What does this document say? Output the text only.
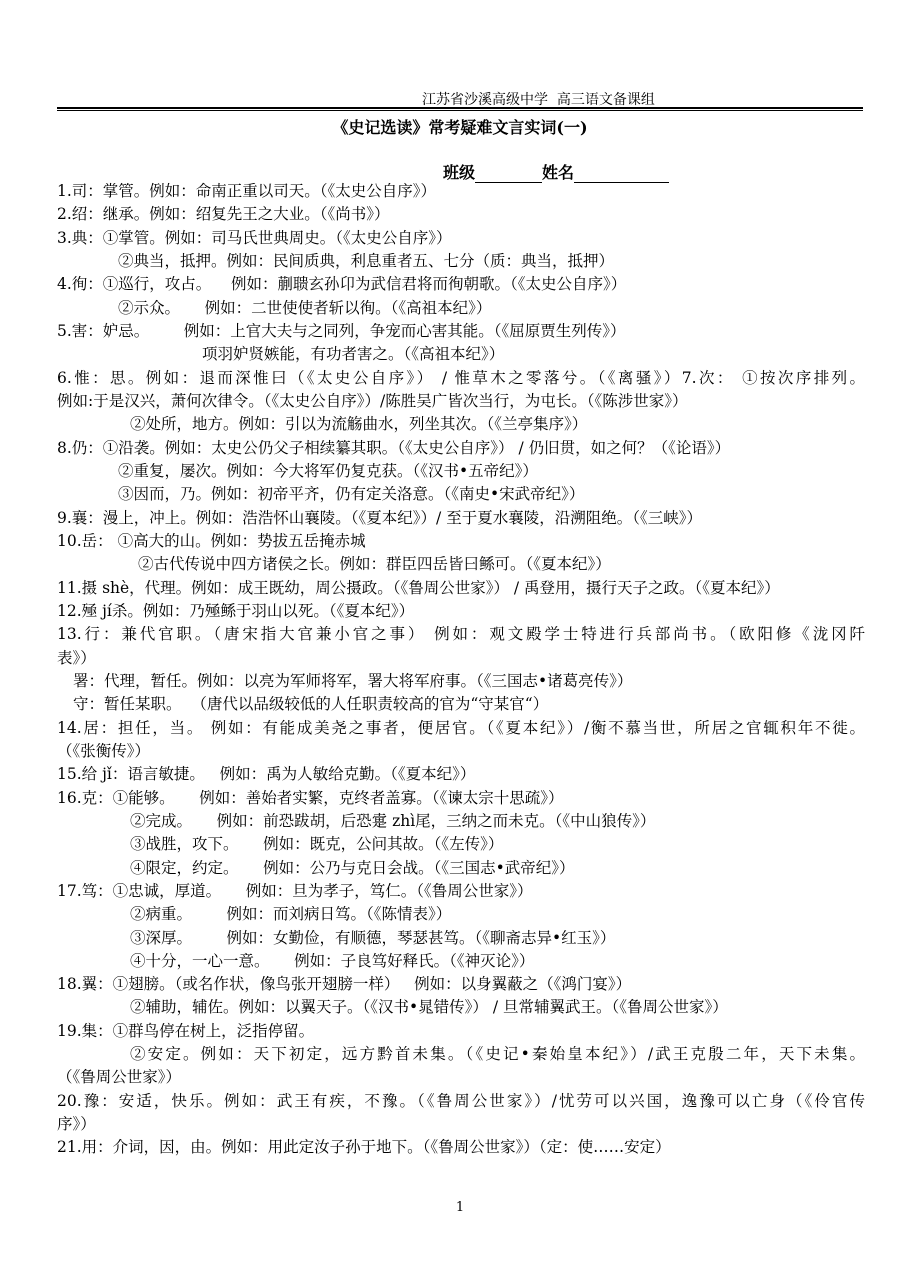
江苏省沙溪高级中学  高三语文备课组
《史记选读》常考疑难文言实词(一)
班级	姓名
1.司：掌管。例如：命南正重以司天。（《太史公自序》）
2.绍：继承。例如：绍复先王之大业。（《尚书》）
3.典：①掌管。例如：司马氏世典周史。（《太史公自序》）
②典当，抵押。例如：民间质典，利息重者五、七分（质：典当，抵押）
4.徇：①巡行，攻占。    例如：蒯聩玄孙卬为武信君将而徇朝歌。（《太史公自序》）
②示众。     例如：二世使使者斩以徇。（《高祖本纪》）
5.害：妒忌。       例如：上官大夫与之同列，争宠而心害其能。（《屈原贾生列传》）
项羽妒贤嫉能，有功者害之。（《高祖本纪》）
6.惟：思。例如：退而深惟曰（《太史公自序》） / 惟草木之零落兮。（《离骚》）7.次： ①按次序排列。
例如:于是汉兴，萧何次律令。（《太史公自序》）/陈胜吴广皆次当行，为屯长。（《陈涉世家》）
②处所，地方。例如：引以为流觞曲水，列坐其次。（《兰亭集序》）
8.仍：①沿袭。例如：太史公仍父子相续纂其职。（《太史公自序》） / 仍旧贯，如之何？（《论语》）
②重复，屡次。例如：今大将军仍复克获。（《汉书•五帝纪》）
③因而，乃。例如：初帝平齐，仍有定关洛意。（《南史•宋武帝纪》）
9.襄：漫上，冲上。例如：浩浩怀山襄陵。（《夏本纪》）/ 至于夏水襄陵，沿溯阻绝。（《三峡》）
10.岳： ①高大的山。例如：势拔五岳掩赤城
②古代传说中四方诸侯之长。例如：群臣四岳皆曰鲧可。（《夏本纪》）
11.摄 shè，代理。例如：成王既幼，周公摄政。（《鲁周公世家》） / 禹登用，摄行天子之政。（《夏本纪》）
12.殛 jí杀。例如：乃殛鲧于羽山以死。（《夏本纪》）
13.行：兼代官职。（唐宋指大官兼小官之事） 例如：观文殿学士特进行兵部尚书。（欧阳修《泷冈阡
表》）
署：代理，暂任。例如：以亮为军师将军，署大将军府事。（《三国志•诸葛亮传》）
守：暂任某职。  （唐代以品级较低的人任职责较高的官为“守某官“）
14.居：担任，当。 例如：有能成美尧之事者，便居官。（《夏本纪》）/衡不慕当世，所居之官辄积年不徙。
（《张衡传》）
15.给 jǐ：语言敏捷。   例如：禹为人敏给克勤。（《夏本纪》）
16.克：①能够。     例如：善始者实繁，克终者盖寡。（《谏太宗十思疏》）
②完成。     例如：前恐跋胡，后恐疐 zhì尾，三纳之而未克。（《中山狼传》）
③战胜，攻下。     例如：既克，公问其故。（《左传》）
④限定，约定。     例如：公乃与克日会战。（《三国志•武帝纪》）
17.笃：①忠诚，厚道。     例如：旦为孝子，笃仁。（《鲁周公世家》）
②病重。       例如：而刘病日笃。（《陈情表》）
③深厚。       例如：女勤俭，有顺德，琴瑟甚笃。（《聊斋志异•红玉》）
④十分，一心一意。     例如：子良笃好释氏。（《神灭论》）
18.翼：①翅膀。（或名作状，像鸟张开翅膀一样）   例如：以身翼蔽之（《鸿门宴》）
②辅助，辅佐。例如：以翼天子。（《汉书•晁错传》） / 旦常辅翼武王。（《鲁周公世家》）
19.集：①群鸟停在树上，泛指停留。
②安定。例如：天下初定，远方黔首未集。（《史记•秦始皇本纪》）/武王克殷二年，天下未集。
（《鲁周公世家》）
20.豫：安适，快乐。例如：武王有疾，不豫。（《鲁周公世家》）/忧劳可以兴国，逸豫可以亡身（《伶官传
序》）
21.用：介词，因，由。例如：用此定汝子孙于地下。（《鲁周公世家》）（定：使……安定）
1
